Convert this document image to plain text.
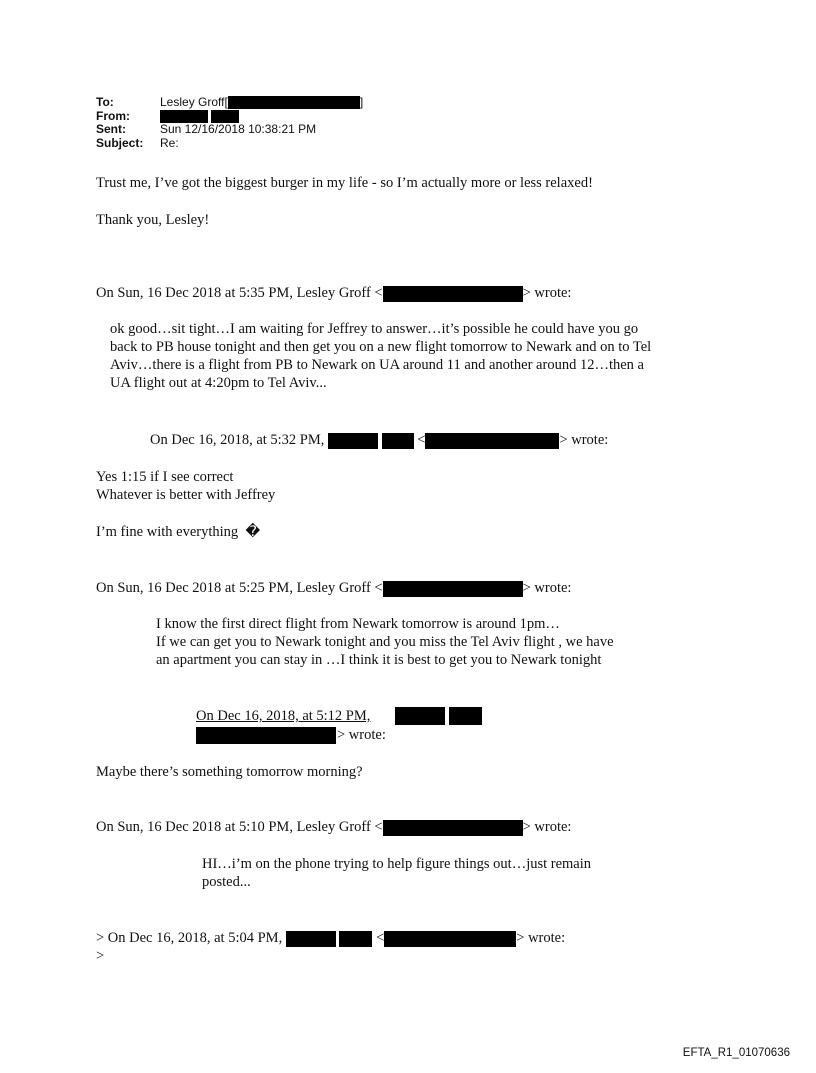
To:	Lesley Groff[	]
From:

Sent:	Sun 12/16/2018 10:38:21 PM
Subject: Re:
Trust me, I’ve got the biggest burger in my life - so I’m actually more or less relaxed!
Thank you, Lesley!
On Sun, 16 Dec 2018 at 5:35 PM, Lesley Groff <	> wrote:
ok good…sit tight…I am waiting for Jeffrey to answer…it’s possible he could have you go
back to PB house tonight and then get you on a new flight tomorrow to Newark and on to Tel
Aviv…there is a flight from PB to Newark on UA around 11 and another around 12…then a
UA flight out at 4:20pm to Tel Aviv...
On Dec 16, 2018, at 5:32 PM,	<	> wrote:
Yes 1:15 if I see correct
Whatever is better with Jeffrey
I’m fine with everything  �
On Sun, 16 Dec 2018 at 5:25 PM, Lesley Groff <	> wrote:
I know the first direct flight from Newark tomorrow is around 1pm…
If we can get you to Newark tonight and you miss the Tel Aviv flight , we have
an apartment you can stay in …I think it is best to get you to Newark tonight
On Dec 16, 2018, at 5:12 PM,
> wrote:
Maybe there’s something tomorrow morning?
On Sun, 16 Dec 2018 at 5:10 PM, Lesley Groff <	> wrote:
HI…i’m on the phone trying to help figure things out…just remain
posted...
> On Dec 16, 2018, at 5:04 PM,	<	> wrote:
>
EFTA_R1_01070636
